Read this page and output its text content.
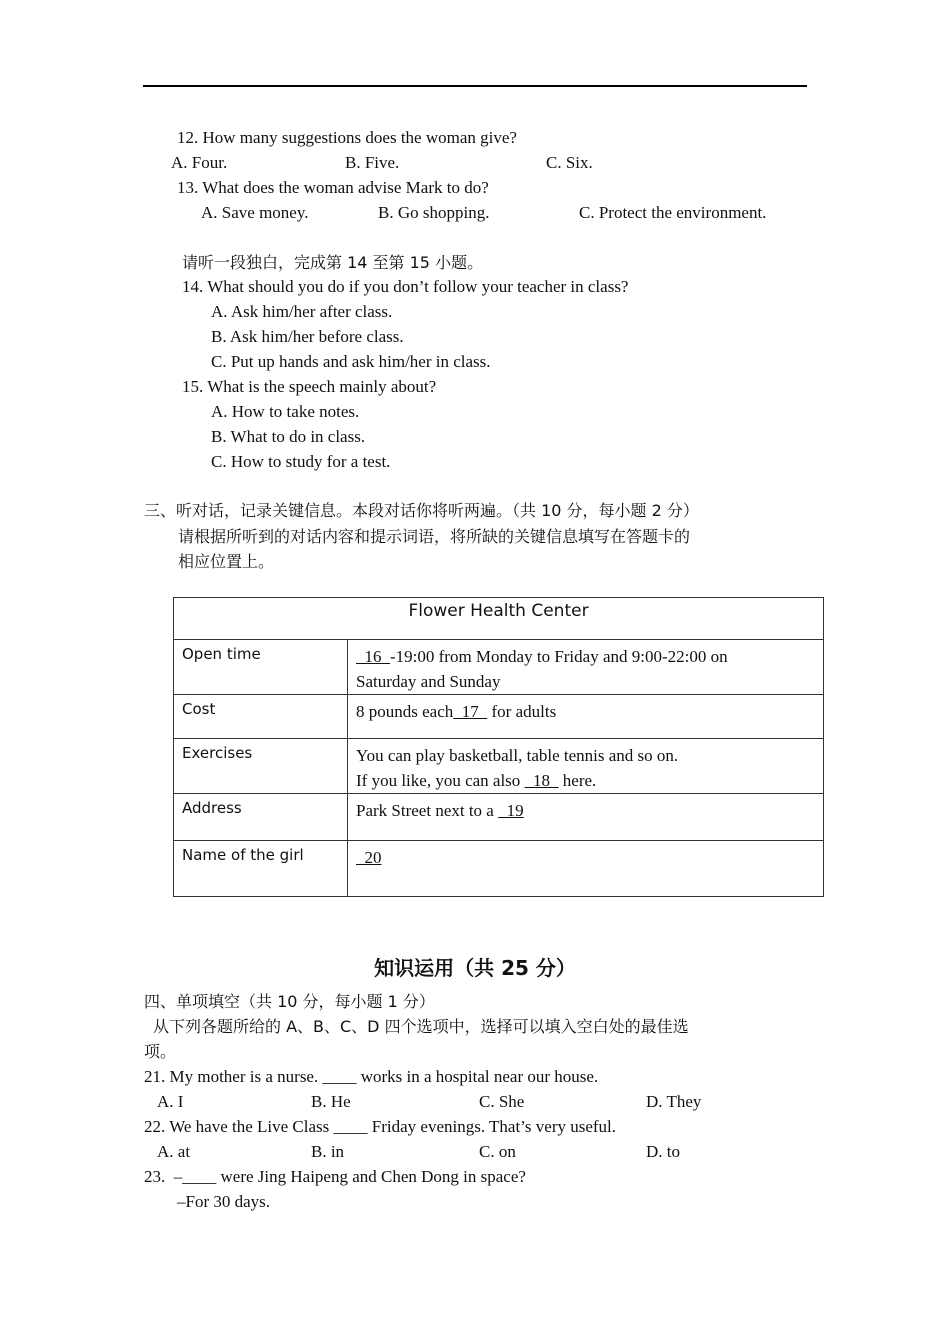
12. How many suggestions does the woman give?
A. Four.	B. Five.	C. Six.
13. What does the woman advise Mark to do?
A. Save money.	B. Go shopping.	C. Protect the environment.
请听一段独白，完成第 14 至第 15 小题。
14. What should you do if you don’t follow your teacher in class?
A. Ask him/her after class.
B. Ask him/her before class.
C. Put up hands and ask him/her in class.
15. What is the speech mainly about?
A. How to take notes.
B. What to do in class.
C. How to study for a test.
三、听对话，记录关键信息。本段对话你将听两遍。（共 10 分，每小题 2 分）
请根据所听到的对话内容和提示词语，将所缺的关键信息填写在答题卡的
相应位置上。
Flower Health Center	
Open time	16  -19:00 from Monday to Friday and 9:00-22:00 on
Saturday and Sunday
Cost	8 pounds each  17   for adults
Exercises	You can play basketball, table tennis and so on.
If you like, you can also   18   here.
Address	Park Street next to a   19
Name of the girl	20
知识运用（共 25 分）
四、单项填空（共 10 分，每小题 1 分）
从下列各题所给的 A、B、C、D 四个选项中，选择可以填入空白处的最佳选
项。
21. My mother is a nurse. ____ works in a hospital near our house.
A. I	B. He	C. She	D. They
22. We have the Live Class ____ Friday evenings. That’s very useful.
A. at	B. in	C. on	D. to
23.  –____ were Jing Haipeng and Chen Dong in space?
–For 30 days.
